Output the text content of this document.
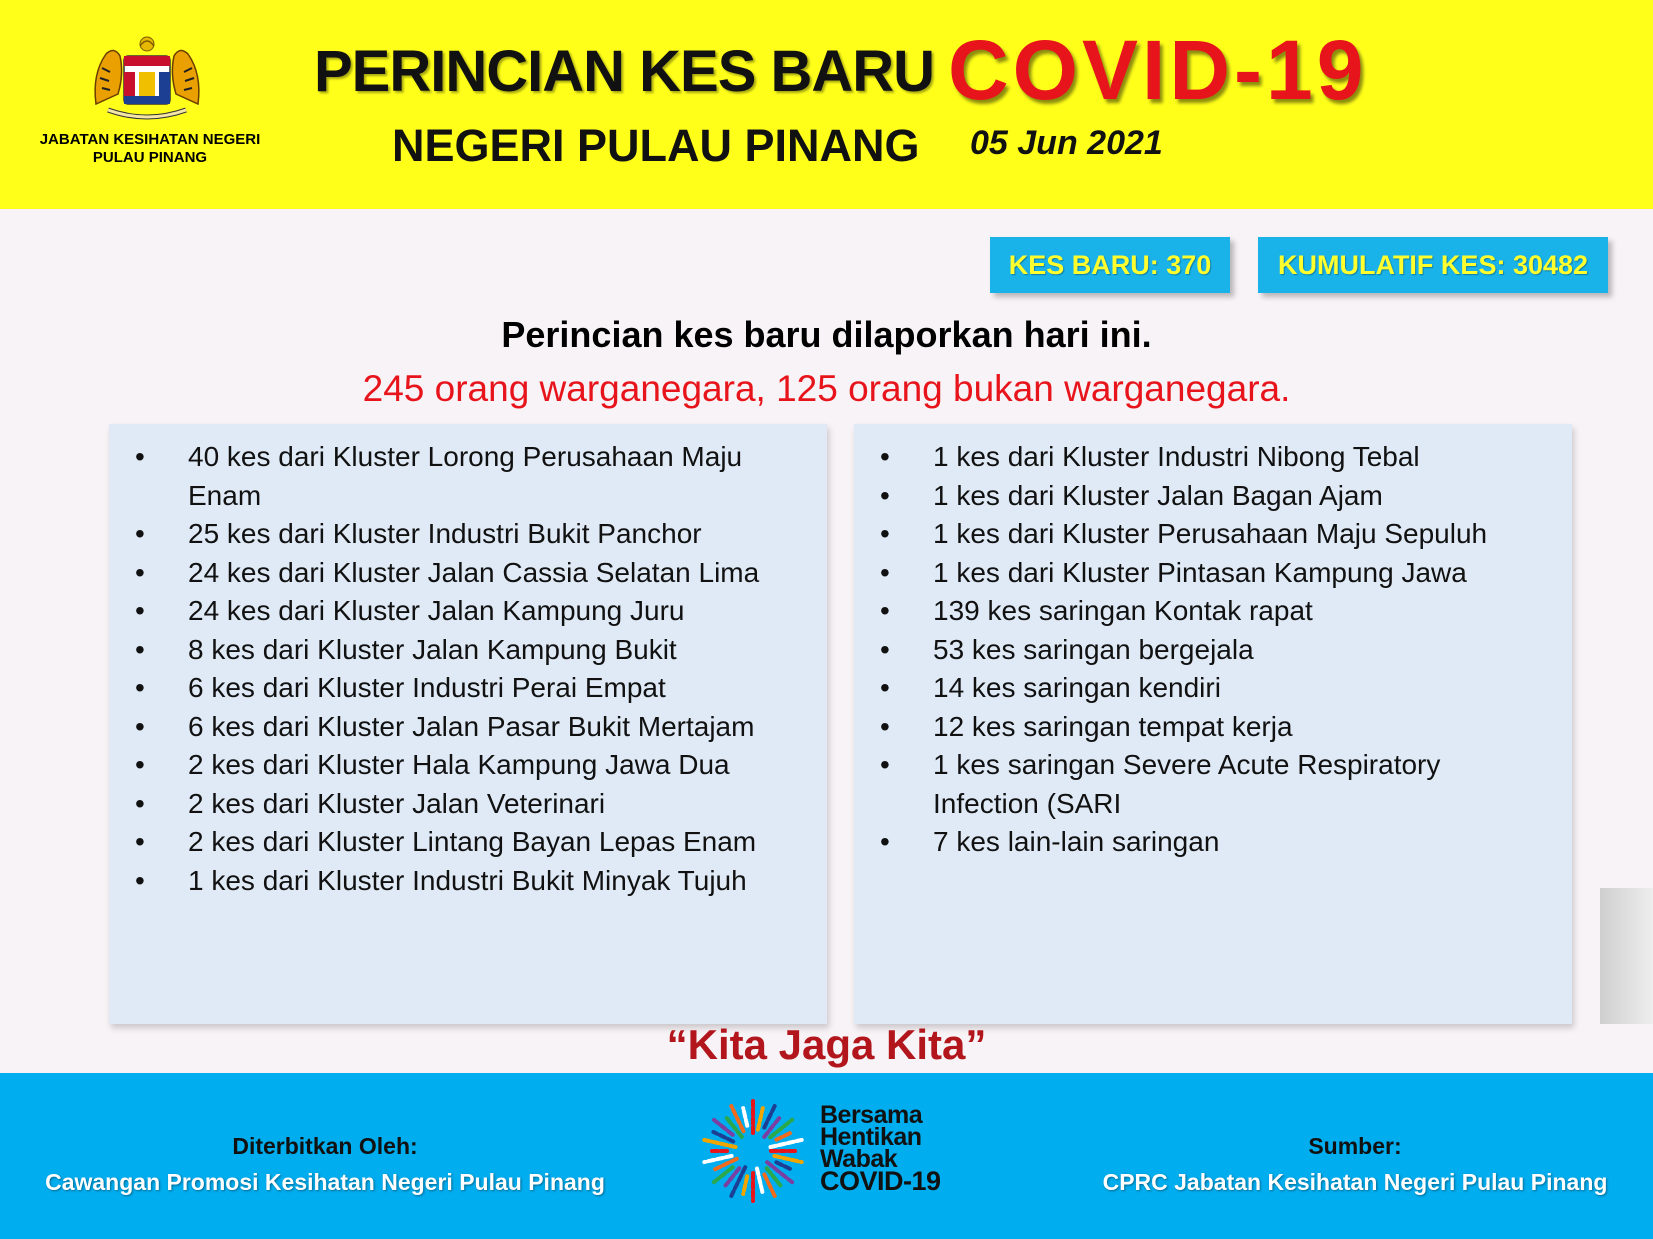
JABATAN KESIHATAN NEGERI
PULAU PINANG
PERINCIAN KES BARU COVID-19
NEGERI PULAU PINANG 05 Jun 2021
KES BARU: 370	KUMULATIF KES: 30482
Perincian kes baru dilaporkan hari ini.
245 orang warganegara, 125 orang bukan warganegara.
• 40 kes dari Kluster Lorong Perusahaan Maju Enam
• 25 kes dari Kluster Industri Bukit Panchor
• 24 kes dari Kluster Jalan Cassia Selatan Lima
• 24 kes dari Kluster Jalan Kampung Juru
• 8 kes dari Kluster Jalan Kampung Bukit
• 6 kes dari Kluster Industri Perai Empat
• 6 kes dari Kluster Jalan Pasar Bukit Mertajam
• 2 kes dari Kluster Hala Kampung Jawa Dua
• 2 kes dari Kluster Jalan Veterinari
• 2 kes dari Kluster Lintang Bayan Lepas Enam
• 1 kes dari Kluster Industri Bukit Minyak Tujuh
• 1 kes dari Kluster Industri Nibong Tebal
• 1 kes dari Kluster Jalan Bagan Ajam
• 1 kes dari Kluster Perusahaan Maju Sepuluh
• 1 kes dari Kluster Pintasan Kampung Jawa
• 139 kes saringan Kontak rapat
• 53 kes saringan bergejala
• 14 kes saringan kendiri
• 12 kes saringan tempat kerja
• 1 kes saringan Severe Acute Respiratory Infection (SARI
• 7 kes lain-lain saringan
“Kita Jaga Kita”
Diterbitkan Oleh:
Cawangan Promosi Kesihatan Negeri Pulau Pinang
Sumber:
CPRC Jabatan Kesihatan Negeri Pulau Pinang
Bersama
Hentikan
Wabak
COVID-19
